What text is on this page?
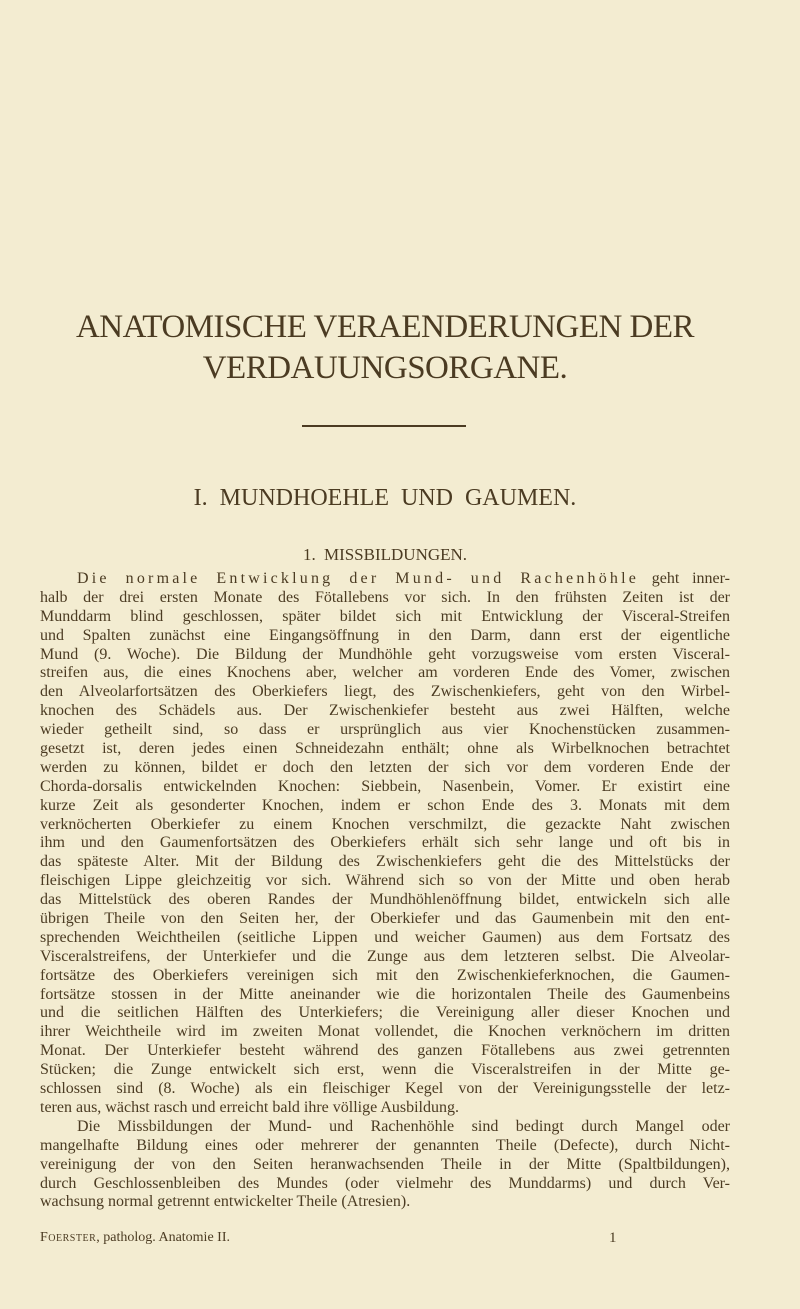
ANATOMISCHE VERAENDERUNGEN DER
VERDAUUNGSORGANE.
I. MUNDHOEHLE UND GAUMEN.
1. MISSBILDUNGEN.
Die normale Entwicklung der Mund- und Rachenhöhle geht inner-
halb der drei ersten Monate des Fötallebens vor sich. In den frühsten Zeiten ist der
Munddarm blind geschlossen, später bildet sich mit Entwicklung der Visceral-Streifen
und Spalten zunächst eine Eingangsöffnung in den Darm, dann erst der eigentliche
Mund (9. Woche). Die Bildung der Mundhöhle geht vorzugsweise vom ersten Visceral-
streifen aus, die eines Knochens aber, welcher am vorderen Ende des Vomer, zwischen
den Alveolarfortsätzen des Oberkiefers liegt, des Zwischenkiefers, geht von den Wirbel-
knochen des Schädels aus. Der Zwischenkiefer besteht aus zwei Hälften, welche
wieder getheilt sind, so dass er ursprünglich aus vier Knochenstücken zusammen-
gesetzt ist, deren jedes einen Schneidezahn enthält; ohne als Wirbelknochen betrachtet
werden zu können, bildet er doch den letzten der sich vor dem vorderen Ende der
Chorda-dorsalis entwickelnden Knochen: Siebbein, Nasenbein, Vomer. Er existirt eine
kurze Zeit als gesonderter Knochen, indem er schon Ende des 3. Monats mit dem
verknöcherten Oberkiefer zu einem Knochen verschmilzt, die gezackte Naht zwischen
ihm und den Gaumenfortsätzen des Oberkiefers erhält sich sehr lange und oft bis in
das späteste Alter. Mit der Bildung des Zwischenkiefers geht die des Mittelstücks der
fleischigen Lippe gleichzeitig vor sich. Während sich so von der Mitte und oben herab
das Mittelstück des oberen Randes der Mundhöhlenöffnung bildet, entwickeln sich alle
übrigen Theile von den Seiten her, der Oberkiefer und das Gaumenbein mit den ent-
sprechenden Weichtheilen (seitliche Lippen und weicher Gaumen) aus dem Fortsatz des
Visceralstreifens, der Unterkiefer und die Zunge aus dem letzteren selbst. Die Alveolar-
fortsätze des Oberkiefers vereinigen sich mit den Zwischenkieferknochen, die Gaumen-
fortsätze stossen in der Mitte aneinander wie die horizontalen Theile des Gaumenbeins
und die seitlichen Hälften des Unterkiefers; die Vereinigung aller dieser Knochen und
ihrer Weichtheile wird im zweiten Monat vollendet, die Knochen verknöchern im dritten
Monat. Der Unterkiefer besteht während des ganzen Fötallebens aus zwei getrennten
Stücken; die Zunge entwickelt sich erst, wenn die Visceralstreifen in der Mitte ge-
schlossen sind (8. Woche) als ein fleischiger Kegel von der Vereinigungsstelle der letz-
teren aus, wächst rasch und erreicht bald ihre völlige Ausbildung.
Die Missbildungen der Mund- und Rachenhöhle sind bedingt durch Mangel oder
mangelhafte Bildung eines oder mehrerer der genannten Theile (Defecte), durch Nicht-
vereinigung der von den Seiten heranwachsenden Theile in der Mitte (Spaltbildungen),
durch Geschlossenbleiben des Mundes (oder vielmehr des Munddarms) und durch Ver-
wachsung normal getrennt entwickelter Theile (Atresien).
Foerster, patholog. Anatomie II.	1
